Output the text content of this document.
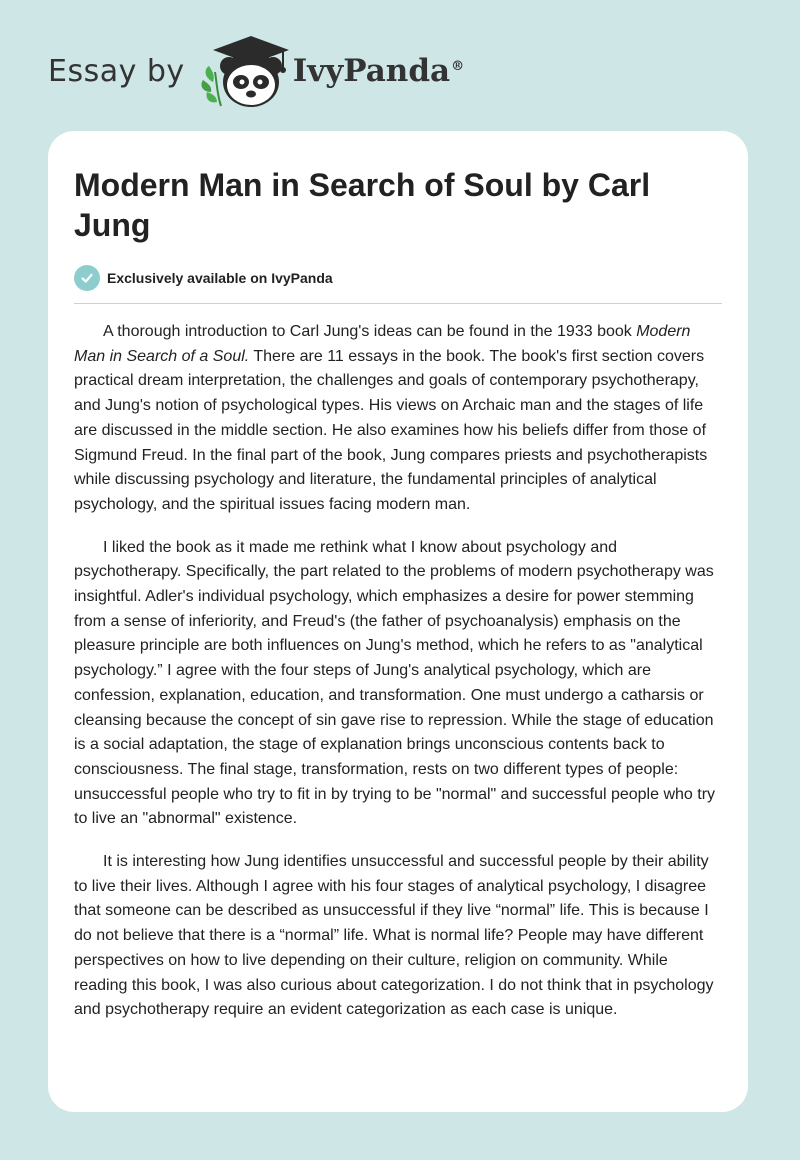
Essay by	IvyPanda®
Modern Man in Search of Soul by Carl Jung
Exclusively available on IvyPanda

A thorough introduction to Carl Jung's ideas can be found in the 1933 book Modern Man in Search of a Soul. There are 11 essays in the book. The book's first section covers practical dream interpretation, the challenges and goals of contemporary psychotherapy, and Jung's notion of psychological types. His views on Archaic man and the stages of life are discussed in the middle section. He also examines how his beliefs differ from those of Sigmund Freud. In the final part of the book, Jung compares priests and psychotherapists while discussing psychology and literature, the fundamental principles of analytical psychology, and the spiritual issues facing modern man.

I liked the book as it made me rethink what I know about psychology and psychotherapy. Specifically, the part related to the problems of modern psychotherapy was insightful. Adler's individual psychology, which emphasizes a desire for power stemming from a sense of inferiority, and Freud's (the father of psychoanalysis) emphasis on the pleasure principle are both influences on Jung's method, which he refers to as "analytical psychology.” I agree with the four steps of Jung's analytical psychology, which are confession, explanation, education, and transformation. One must undergo a catharsis or cleansing because the concept of sin gave rise to repression. While the stage of education is a social adaptation, the stage of explanation brings unconscious contents back to consciousness. The final stage, transformation, rests on two different types of people: unsuccessful people who try to fit in by trying to be "normal" and successful people who try to live an "abnormal" existence.

It is interesting how Jung identifies unsuccessful and successful people by their ability to live their lives. Although I agree with his four stages of analytical psychology, I disagree that someone can be described as unsuccessful if they live “normal” life. This is because I do not believe that there is a “normal” life. What is normal life? People may have different perspectives on how to live depending on their culture, religion on community. While reading this book, I was also curious about categorization. I do not think that in psychology and psychotherapy require an evident categorization as each case is unique.
